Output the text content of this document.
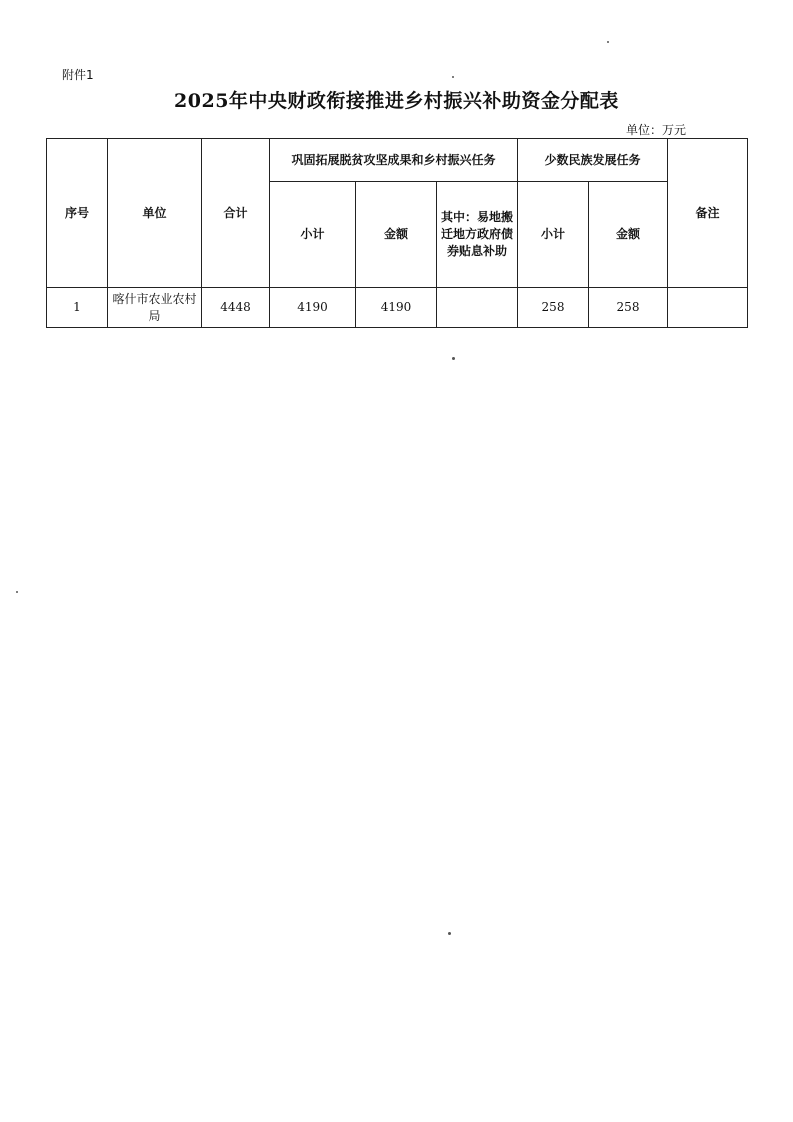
附件1
2025年中央财政衔接推进乡村振兴补助资金分配表
单位：万元
序号	单位	合计	巩固拓展脱贫攻坚成果和乡村振兴任务			少数民族发展任务		备注
			小计	金额	其中：易地搬迁地方政府债券贴息补助	小计	金额	
1	喀什市农业农村局	4448	4190	4190		258	258	
